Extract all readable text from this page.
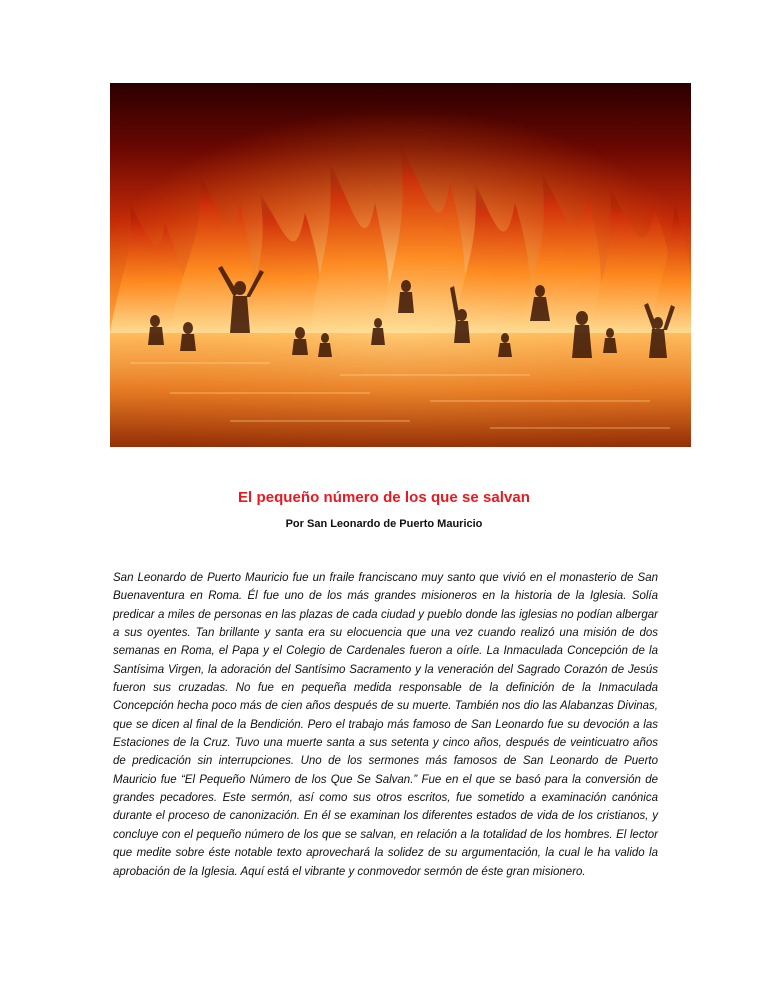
El pequeño número de los que se salvan
Por San Leonardo de Puerto Mauricio

San Leonardo de Puerto Mauricio fue un fraile franciscano muy santo que vivió en el monasterio de San Buenaventura en Roma. Él fue uno de los más grandes misioneros en la historia de la Iglesia. Solía predicar a miles de personas en las plazas de cada ciudad y pueblo donde las iglesias no podían albergar a sus oyentes. Tan brillante y santa era su elocuencia que una vez cuando realizó una misión de dos semanas en Roma, el Papa y el Colegio de Cardenales fueron a oírle. La Inmaculada Concepción de la Santísima Virgen, la adoración del Santísimo Sacramento y la veneración del Sagrado Corazón de Jesús fueron sus cruzadas. No fue en pequeña medida responsable de la definición de la Inmaculada Concepción hecha poco más de cien años después de su muerte. También nos dio las Alabanzas Divinas, que se dicen al final de la Bendición. Pero el trabajo más famoso de San Leonardo fue su devoción a las Estaciones de la Cruz. Tuvo una muerte santa a sus setenta y cinco años, después de veinticuatro años de predicación sin interrupciones. Uno de los sermones más famosos de San Leonardo de Puerto Mauricio fue “El Pequeño Número de los Que Se Salvan.” Fue en el que se basó para la conversión de grandes pecadores. Este sermón, así como sus otros escritos, fue sometido a examinación canónica durante el proceso de canonización. En él se examinan los diferentes estados de vida de los cristianos, y concluye con el pequeño número de los que se salvan, en relación a la totalidad de los hombres. El lector que medite sobre éste notable texto aprovechará la solidez de su argumentación, la cual le ha valido la aprobación de la Iglesia. Aquí está el vibrante y conmovedor sermón de éste gran misionero.
